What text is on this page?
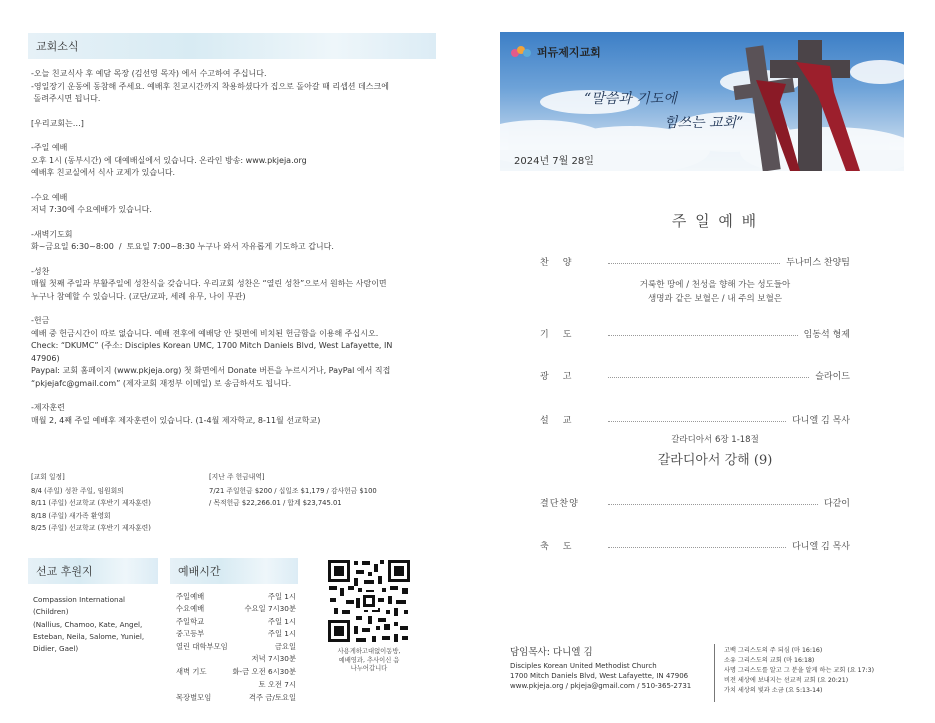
교회소식

-오늘 친교식사 후 예담 목장 (김선영 목자) 에서 수고하여 주십니다.
-영일장기 운동에 동참해 주세요. 예배후 친교시간까지 착용하셨다가 집으로 돌아갈 때 리셉션 데스크에
돌려주시면 됩니다.

[우리교회는…]

-주일 예배
오후 1시 (동부시간) 에 대예배실에서 있습니다. 온라인 방송: www.pkjeja.org
예배후 친교실에서 식사 교제가 있습니다.

-수요 예배
저녁 7:30에 수요예배가 있습니다.

-새벽기도회
화~금요일 6:30~8:00  /  토요일 7:00~8:30 누구나 와서 자유롭게 기도하고 갑니다.

-성찬
매월 첫째 주일과 부활주일에 성찬식을 갖습니다. 우리교회 성찬은 “열린 성찬”으로서 원하는 사람이면
누구나 참예할 수 있습니다. (교단/교파, 세례 유무, 나이 무관)

-헌금
예배 중 헌금시간이 따로 없습니다. 예배 전후에 예배당 안 뒷편에 비치된 헌금함을 이용해 주십시오.
Check: “DKUMC” (주소: Disciples Korean UMC, 1700 Mitch Daniels Blvd, West Lafayette, IN
47906)
Paypal: 교회 홈페이지 (www.pkjeja.org) 첫 화면에서 Donate 버튼을 누르시거나, PayPal 에서 직접
“pkjejafc@gmail.com” (제자교회 재정부 이메일) 로 송금하셔도 됩니다.

-제자훈련
매월 2, 4째 주일 예배후 제자훈련이 있습니다. (1-4월 제자학교, 8-11월 선교학교)

[교회 일정]
8/4 (주일) 성찬 주일, 임원회의
8/11 (주일) 선교학교 (후반기 제자훈련)
8/18 (주일) 새가족 환영회
8/25 (주일) 선교학교 (후반기 제자훈련)
[지난 주 헌금내역]
7/21 주일헌금 $200 / 십일조 $1,179 / 감사헌금 $100
/ 목적헌금 $22,266.01 / 합계 $23,745.01
선교 후원지
Compassion International
(Children)
(Nallius, Chamoo, Kate, Angel,
Esteban, Neila, Salome, Yuniel,
Didier, Gael)
예배시간
주일예배	주일 1시
수요예배	수요일 7시30분
주일학교	주일 1시
중고등부	주일 1시
열린 대학부모임	금요일
저녁 7시30분
새벽 기도	화-금 오전 6시30분
토 오전 7시
목장별모임	격주 금/토요일
사용게하고대없이동방,
예배영과, 추사이신 음
나누어갑니다
퍼듀제지교회
“말씀과 기도에
힘쓰는 교회”
2024년 7월 28일
주 일 예 배
찬양	두나미스 찬양팀
거룩한 땅에 / 천성을 향해 가는 성도들아
생명과 같은 보혈은 / 내 주의 보혈은
기도	임동석 형제
광고	슬라이드
설교	다니엘 김 목사
갈라디아서 6장 1-18절
갈라디아서 강해 (9)
결단찬양	다같이
축도	다니엘 김 목사
담임목사: 다니엘 김
Disciples Korean United Methodist Church
1700 Mitch Daniels Blvd, West Lafayette, IN 47906
www.pkjeja.org / pkjeja@gmail.com / 510-365-2731
고백 그리스도의 주 되심 (마 16:16)
소유 그리스도의 교회 (마 16:18)
사명 그리스도를 알고 그 분을 알게 하는 교회 (요 17:3)
비전 세상에 보내지는 선교적 교회 (요 20:21)
가치 세상의 빛과 소금 (요 5:13-14)
